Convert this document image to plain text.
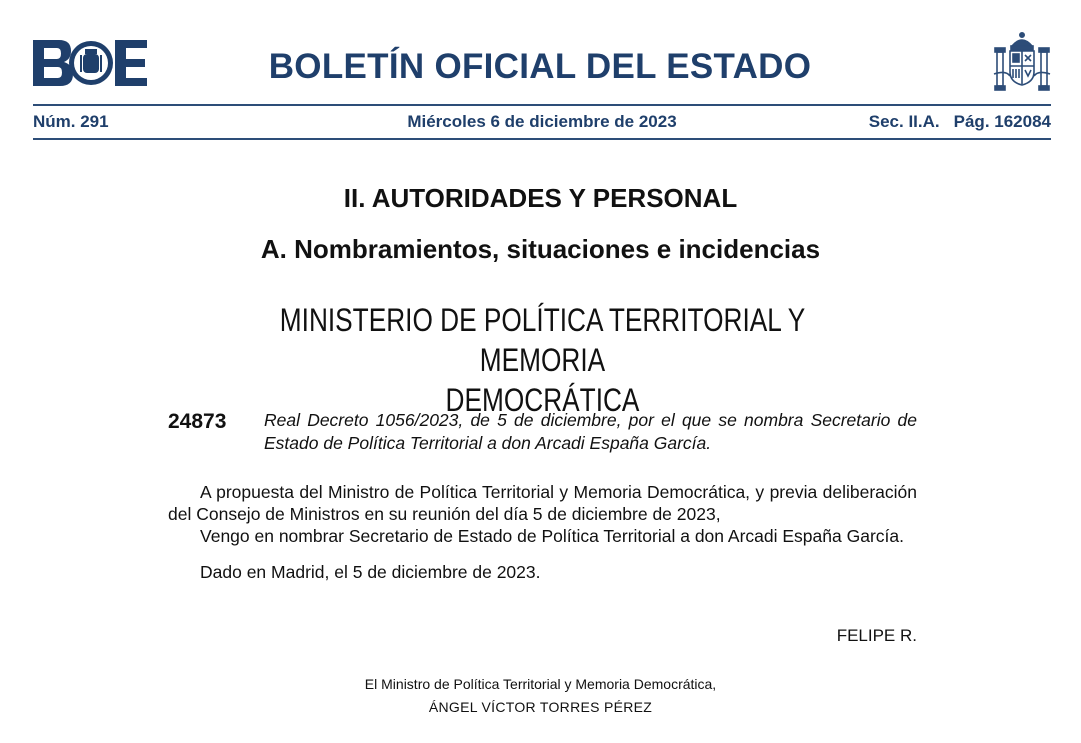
BOLETÍN OFICIAL DEL ESTADO
Núm. 291	Miércoles 6 de diciembre de 2023	Sec. II.A. Pág. 162084
II. AUTORIDADES Y PERSONAL
A. Nombramientos, situaciones e incidencias
MINISTERIO DE POLÍTICA TERRITORIAL Y MEMORIA
DEMOCRÁTICA
24873 Real Decreto 1056/2023, de 5 de diciembre, por el que se nombra Secretario de Estado de Política Territorial a don Arcadi España García.

A propuesta del Ministro de Política Territorial y Memoria Democrática, y previa deliberación del Consejo de Ministros en su reunión del día 5 de diciembre de 2023,

Vengo en nombrar Secretario de Estado de Política Territorial a don Arcadi España García.

Dado en Madrid, el 5 de diciembre de 2023.

FELIPE R.
El Ministro de Política Territorial y Memoria Democrática,
ÁNGEL VÍCTOR TORRES PÉREZ
